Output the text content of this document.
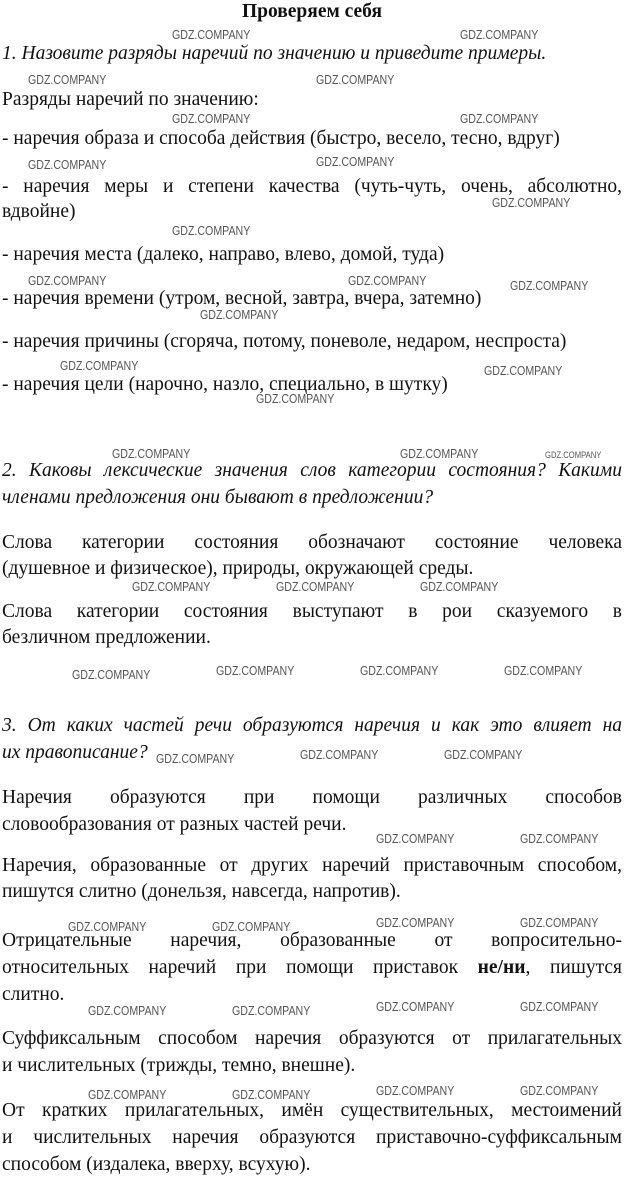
Проверяем себя

1. Назовите разряды наречий по значению и приведите примеры.

Разряды наречий по значению:

- наречия образа и способа действия (быстро, весело, тесно, вдруг)

- наречия меры и степени качества (чуть-чуть, очень, абсолютно,

вдвойне)

- наречия места (далеко, направо, влево, домой, туда)

- наречия времени (утром, весной, завтра, вчера, затемно)

- наречия причины (сгоряча, потому, поневоле, недаром, неспроста)

- наречия цели (нарочно, назло, специально, в шутку)

2. Каковы лексические значения слов категории состояния? Какими

членами предложения они бывают в предложении?

Слова категории состояния обозначают состояние человека

(душевное и физическое), природы, окружающей среды.

Слова категории состояния выступают в рои сказуемого в

безличном предложении.

3. От каких частей речи образуются наречия и как это влияет на

их правописание?

Наречия образуются при помощи различных способов

словообразования от разных частей речи.

Наречия, образованные от других наречий приставочным способом,

пишутся слитно (донельзя, навсегда, напротив).

Отрицательные наречия, образованные от вопросительно-

относительных наречий при помощи приставок не/ни, пишутся

слитно.

Суффиксальным способом наречия образуются от прилагательных

и числительных (трижды, темно, внешне).

От кратких прилагательных, имён существительных, местоимений

и числительных наречия образуются приставочно-суффиксальным

способом (издалека, вверху, всухую).

GDZ.COMPANY	GDZ.COMPANY
GDZ.COMPANY	GDZ.COMPANY
GDZ.COMPANY	GDZ.COMPANY
GDZ.COMPANY	GDZ.COMPANY
GDZ.COMPANY
GDZ.COMPANY
GDZ.COMPANY	GDZ.COMPANY	GDZ.COMPANY
GDZ.COMPANY
GDZ.COMPANY	GDZ.COMPANY
GDZ.COMPANY
GDZ.COMPANY	GDZ.COMPANY	GDZ.COMPANY
GDZ.COMPANY	GDZ.COMPANY	GDZ.COMPANY
GDZ.COMPANY	GDZ.COMPANY	GDZ.COMPANY	GDZ.COMPANY
GDZ.COMPANY	GDZ.COMPANY	GDZ.COMPANY
GDZ.COMPANY	GDZ.COMPANY
GDZ.COMPANY	GDZ.COMPANY	GDZ.COMPANY	GDZ.COMPANY
GDZ.COMPANY	GDZ.COMPANY	GDZ.COMPANY	GDZ.COMPANY
GDZ.COMPANY	GDZ.COMPANY	GDZ.COMPANY	GDZ.COMPANY
